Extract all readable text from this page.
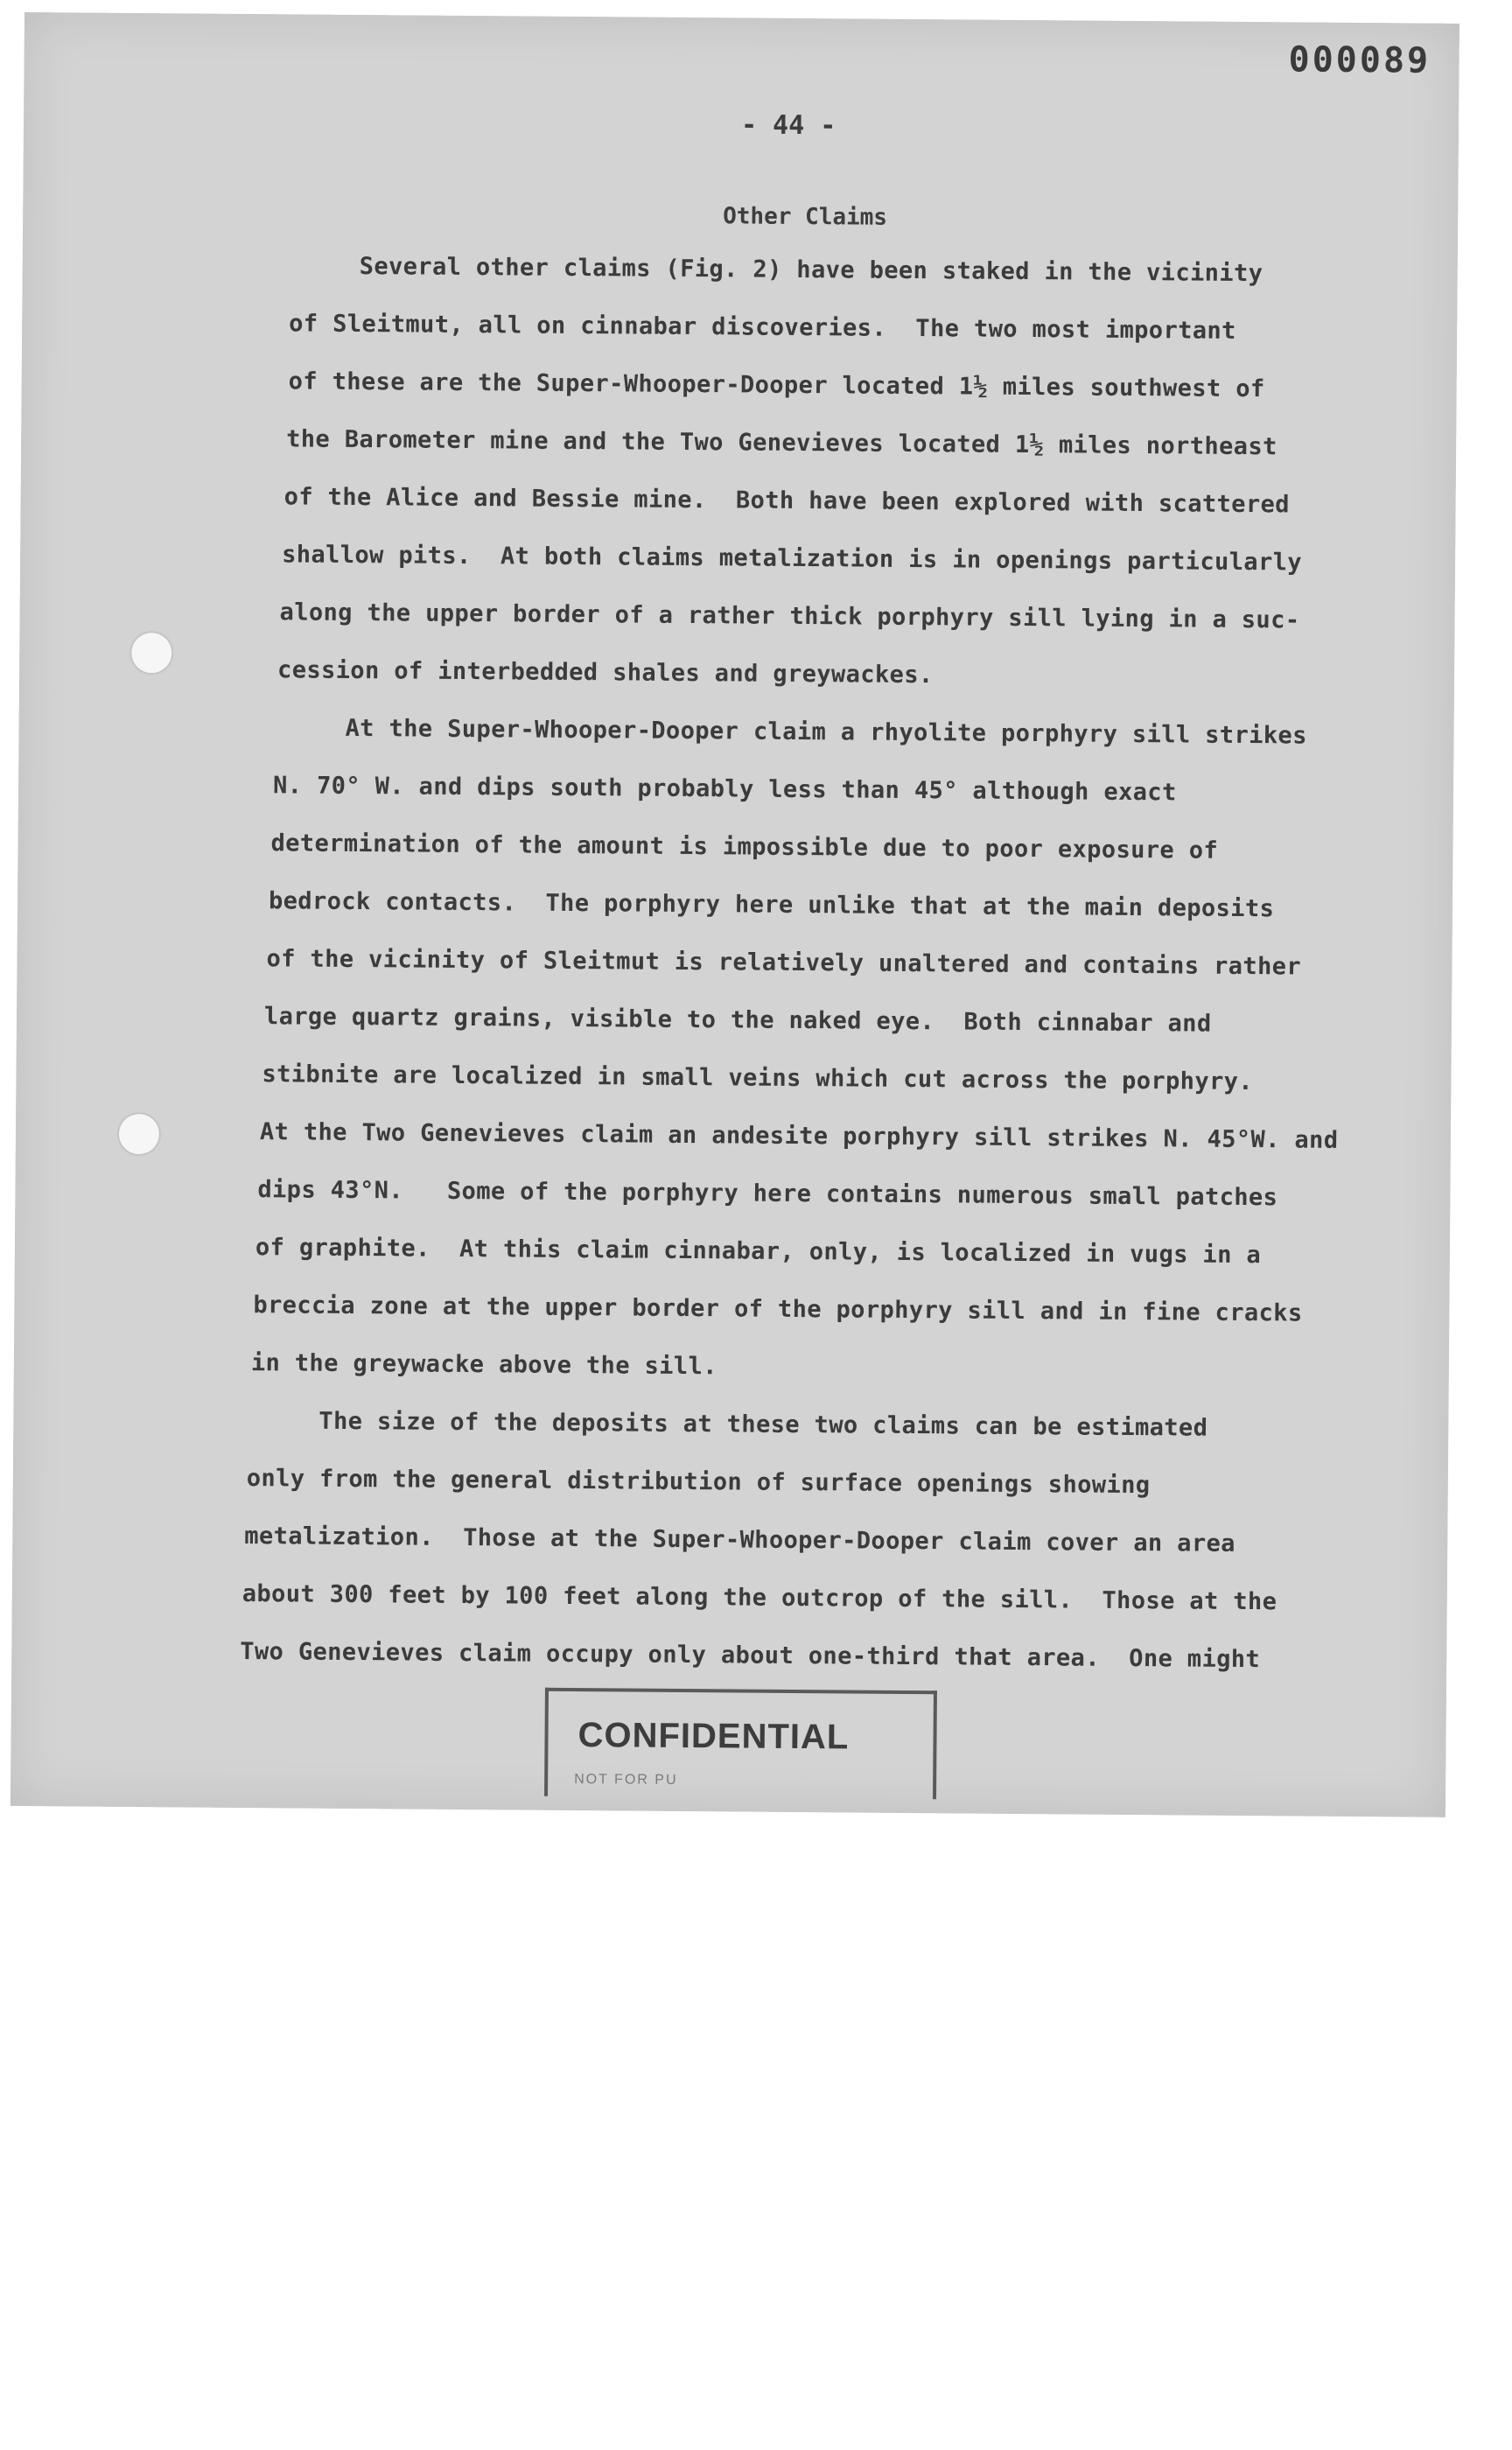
000089
- 44 -
Other Claims
Several other claims (Fig. 2) have been staked in the vicinity
of Sleitmut, all on cinnabar discoveries.  The two most important
of these are the Super-Whooper-Dooper located 1½ miles southwest of
the Barometer mine and the Two Genevieves located 1½ miles northeast
of the Alice and Bessie mine.  Both have been explored with scattered
shallow pits.  At both claims metalization is in openings particularly
along the upper border of a rather thick porphyry sill lying in a suc-
cession of interbedded shales and greywackes.
At the Super-Whooper-Dooper claim a rhyolite porphyry sill strikes
N. 70° W. and dips south probably less than 45° although exact
determination of the amount is impossible due to poor exposure of
bedrock contacts.  The porphyry here unlike that at the main deposits
of the vicinity of Sleitmut is relatively unaltered and contains rather
large quartz grains, visible to the naked eye.  Both cinnabar and
stibnite are localized in small veins which cut across the porphyry.
At the Two Genevieves claim an andesite porphyry sill strikes N. 45°W. and
dips 43°N.   Some of the porphyry here contains numerous small patches
of graphite.  At this claim cinnabar, only, is localized in vugs in a
breccia zone at the upper border of the porphyry sill and in fine cracks
in the greywacke above the sill.
The size of the deposits at these two claims can be estimated
only from the general distribution of surface openings showing
metalization.  Those at the Super-Whooper-Dooper claim cover an area
about 300 feet by 100 feet along the outcrop of the sill.  Those at the
Two Genevieves claim occupy only about one-third that area.  One might
CONFIDENTIAL
NOT FOR PU
